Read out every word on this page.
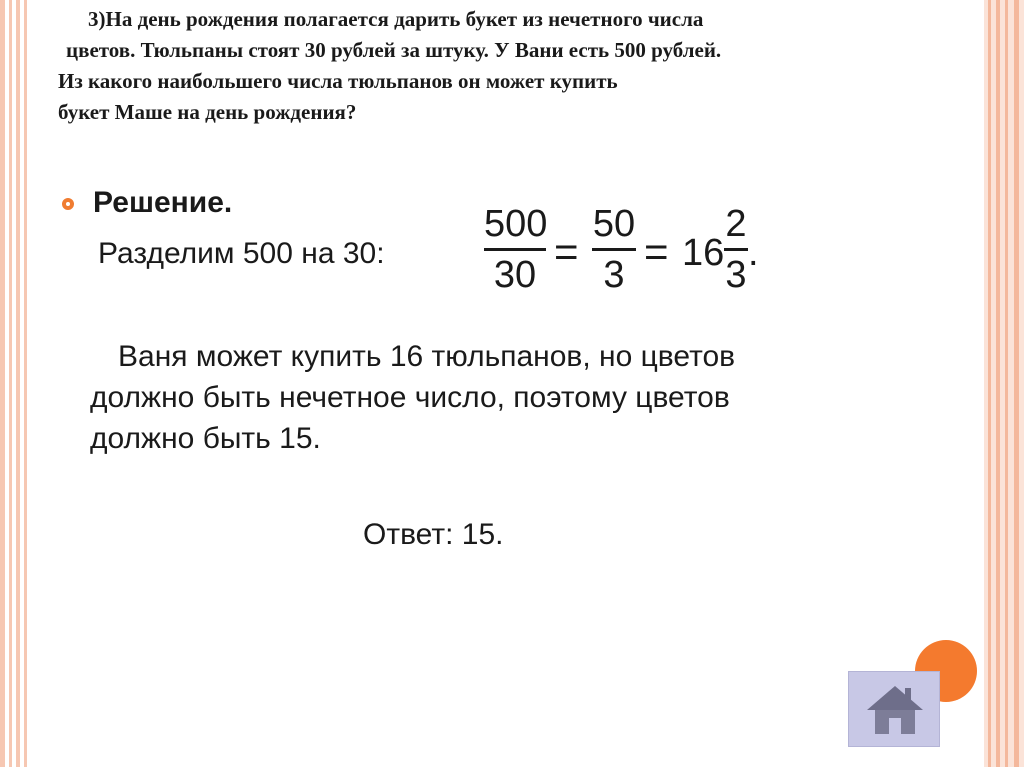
3)На день рождения полагается дарить букет из нечетного числа
цветов. Тюльпаны стоят 30 рублей за штуку. У Вани есть 500 рублей.
Из какого наибольшего числа тюльпанов он может купить
букет Маше на день рождения?
Решение.
Разделим 500 на 30:
500
30 =
50
3 = 16
2
3
.
Ваня может купить 16 тюльпанов, но цветов
должно быть нечетное число, поэтому цветов
должно быть 15.
Ответ: 15.
